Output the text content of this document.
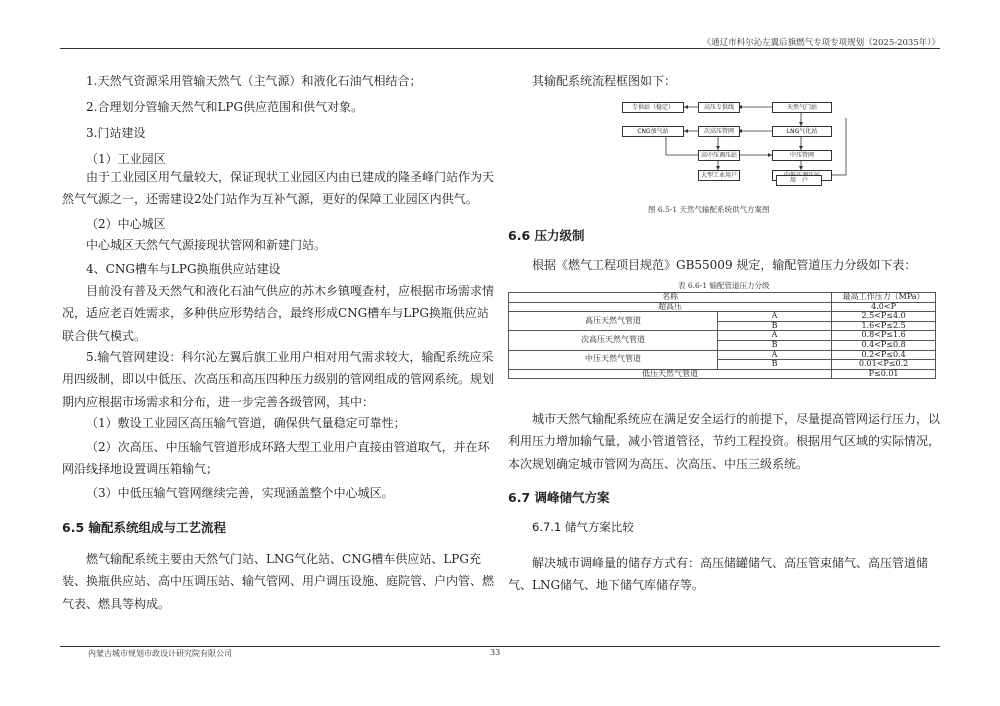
《通辽市科尔沁左翼后旗燃气专项专项规划（2025-2035年）》

1.天然气资源采用管输天然气（主气源）和液化石油气相结合；

2.合理划分管输天然气和LPG供应范围和供气对象。

3.门站建设

（1）工业园区

由于工业园区用气量较大，保证现状工业园区内由已建成的隆圣峰门站作为天然气气源之一，还需建设2处门站作为互补气源，更好的保障工业园区内供气。

（2）中心城区

中心城区天然气气源接现状管网和新建门站。

4、CNG槽车与LPG换瓶供应站建设

目前没有普及天然气和液化石油气供应的苏木乡镇嘎查村，应根据市场需求情况，适应老百姓需求，多种供应形势结合，最终形成CNG槽车与LPG换瓶供应站联合供气模式。

5.输气管网建设：科尔沁左翼后旗工业用户相对用气需求较大，输配系统应采用四级制，即以中低压、次高压和高压四种压力级别的管网组成的管网系统。规划期内应根据市场需求和分布，进一步完善各级管网，其中：

（1）敷设工业园区高压输气管道，确保供气量稳定可靠性；

（2）次高压、中压输气管道形成环路大型工业用户直接由管道取气，并在环网沿线择地设置调压箱输气；

（3）中低压输气管网继续完善，实现涵盖整个中心城区。

6.5 输配系统组成与工艺流程

燃气输配系统主要由天然气门站、LNG气化站、CNG槽车供应站、LPG充装、换瓶供应站、高中压调压站、输气管网、用户调压设施、庭院管、户内管、燃气表、燃具等构成。

其输配系统流程框图如下：

专供站（稳定）	高压专供线	天然气门站
CNG加气站	次高压管网	LNG气化站
高中压调压站	中压管网
大型工业用户
用　户
图 6.5-1 天然气输配系统供气方案图
6.6 压力级制

根据《燃气工程项目规范》GB55009 规定，输配管道压力分级如下表：

表 6.6-1 输配管道压力分级
名称		最高工作压力（MPa）
超高压		4.0<P
高压天然气管道	A	2.5<P≤4.0
	B	1.6<P≤2.5
次高压天然气管道	A	0.8<P≤1.6
	B	0.4<P≤0.8
中压天然气管道	A	0.2<P≤0.4
	B	0.01<P≤0.2
低压天然气管道		P≤0.01

城市天然气输配系统应在满足安全运行的前提下，尽量提高管网运行压力，以利用压力增加输气量，减小管道管径，节约工程投资。根据用气区域的实际情况，本次规划确定城市管网为高压、次高压、中压三级系统。

6.7 调峰储气方案
6.7.1 储气方案比较

解决城市调峰量的储存方式有：高压储罐储气、高压管束储气、高压管道储气、LNG储气、地下储气库储存等。

内蒙古城市规划市政设计研究院有限公司	33
